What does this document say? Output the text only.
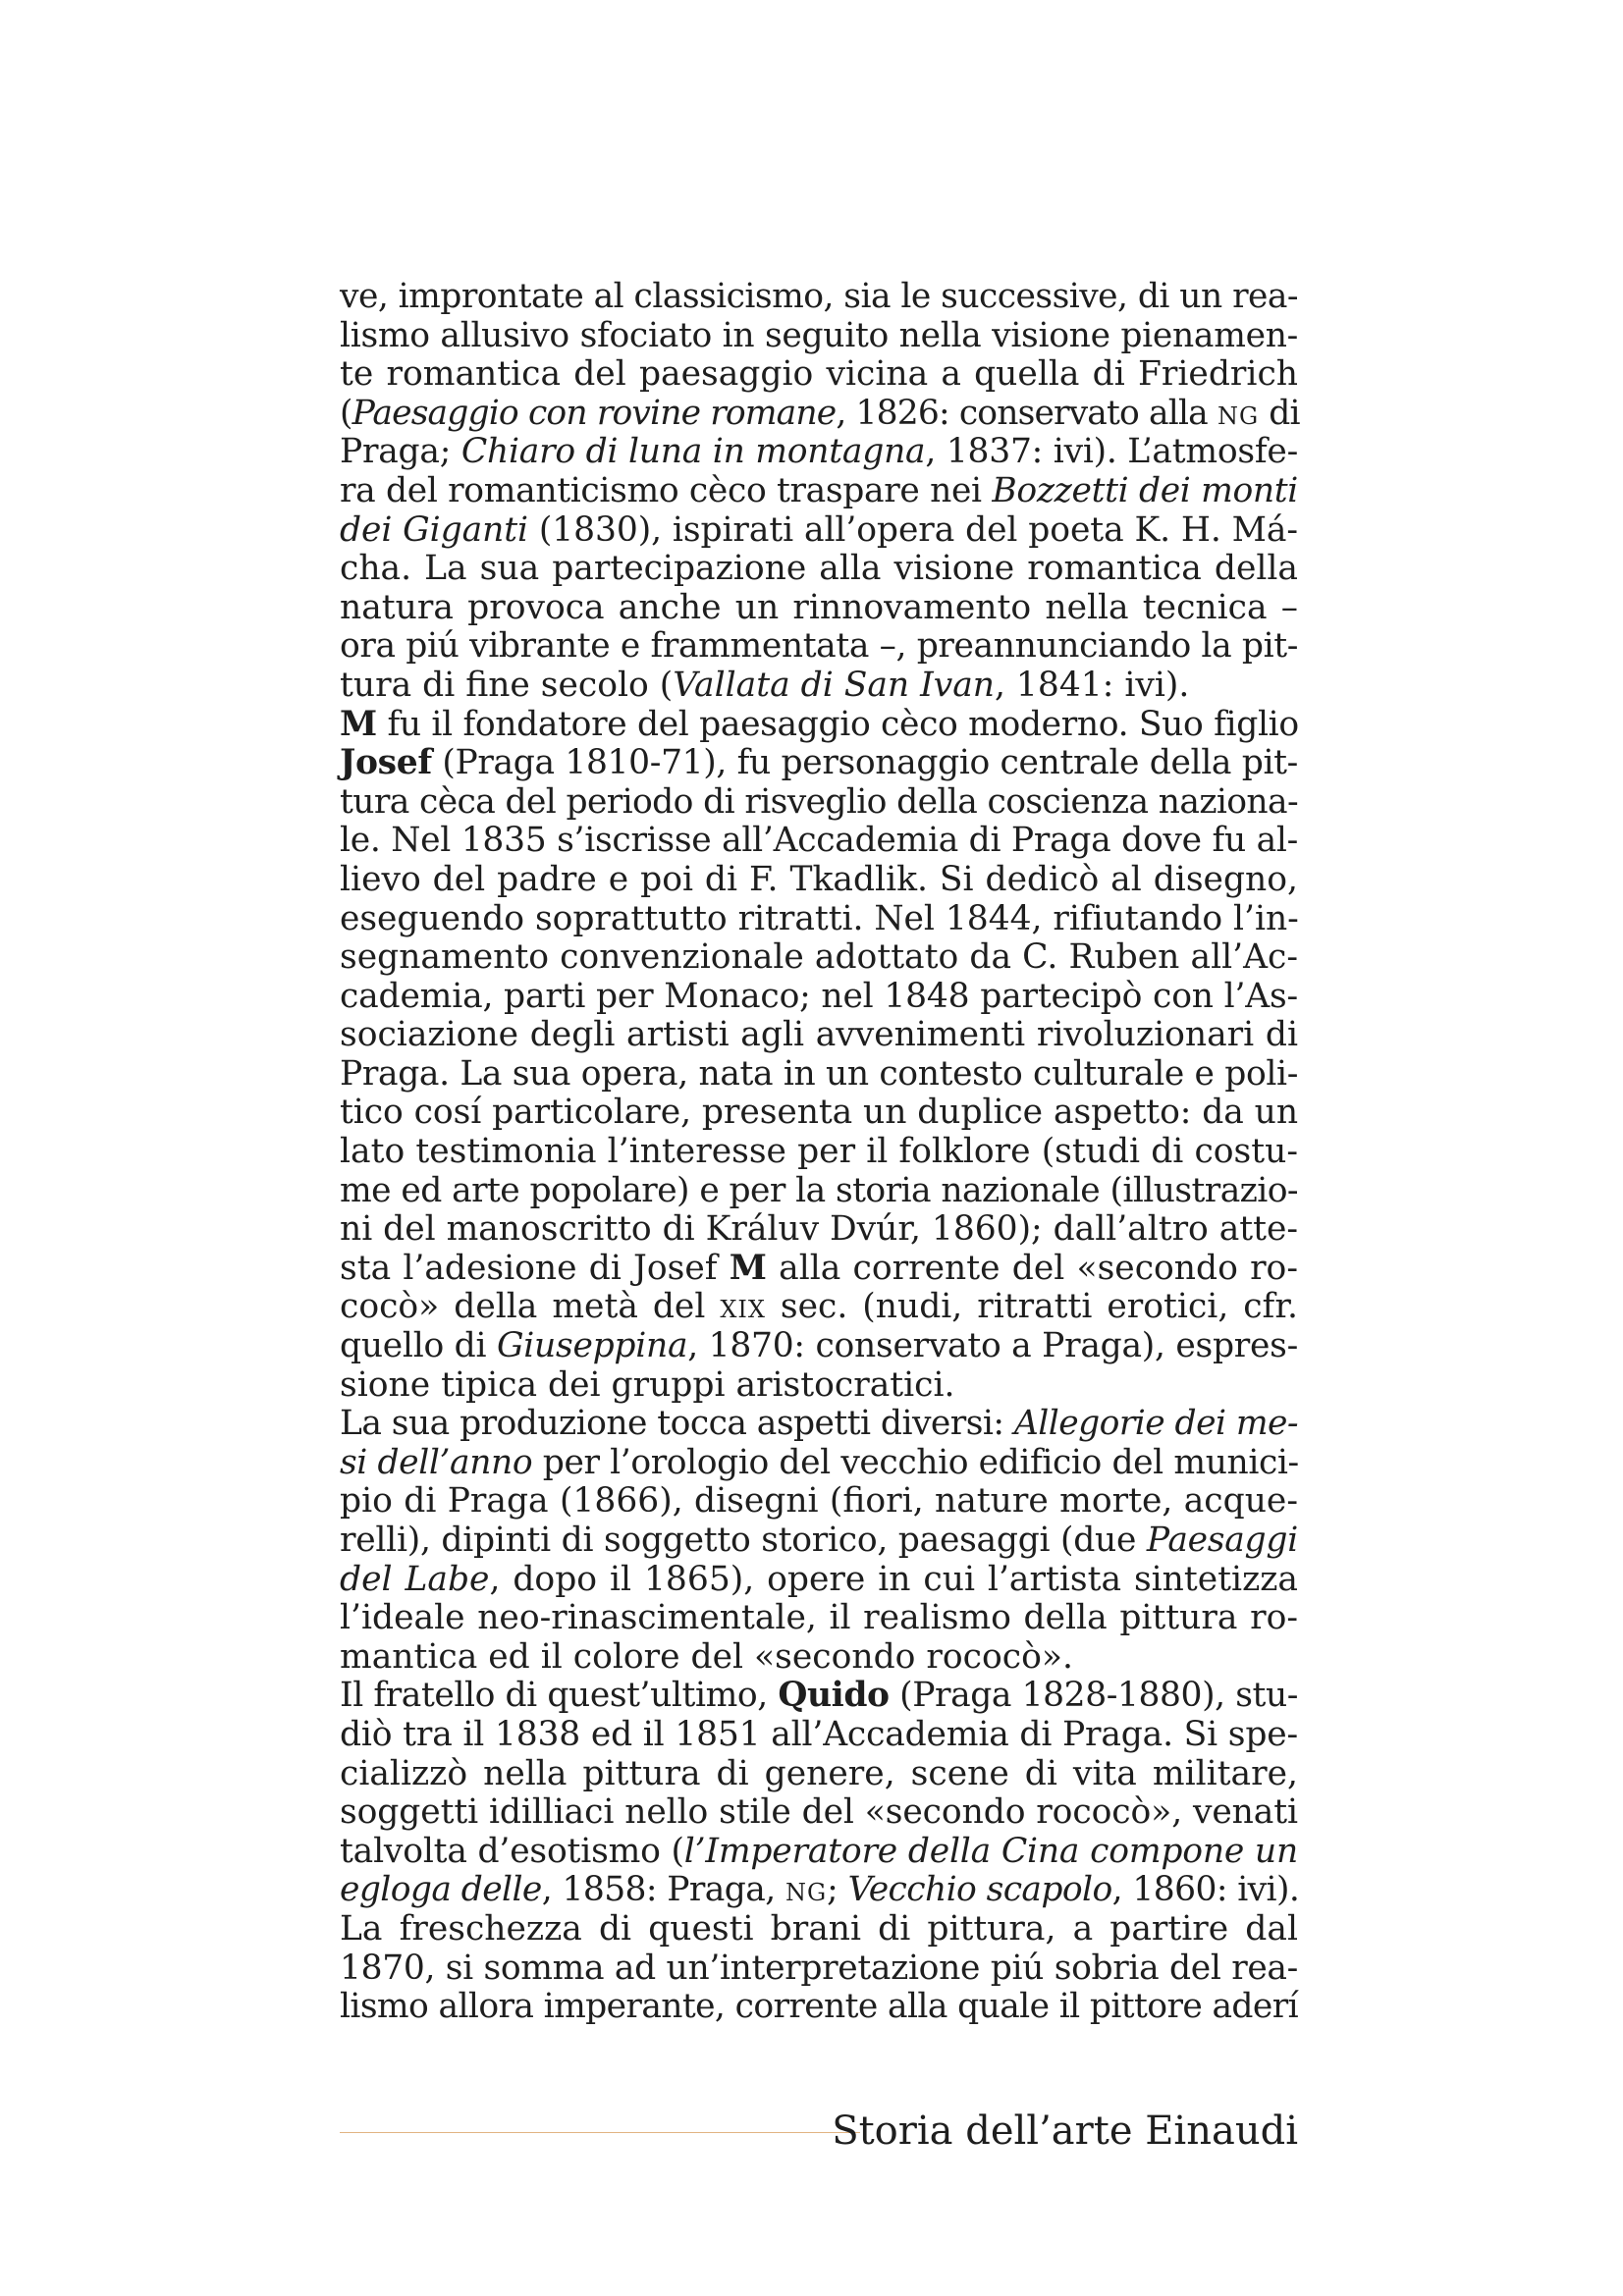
ve, improntate al classicismo, sia le successive, di un rea-
lismo allusivo sfociato in seguito nella visione pienamen-
te romantica del paesaggio vicina a quella di Friedrich
(Paesaggio con rovine romane, 1826: conservato alla ng di
Praga; Chiaro di luna in montagna, 1837: ivi). L’atmosfe-
ra del romanticismo cèco traspare nei Bozzetti dei monti
dei Giganti (1830), ispirati all’opera del poeta K. H. Má-
cha. La sua partecipazione alla visione romantica della
natura provoca anche un rinnovamento nella tecnica –
ora piú vibrante e frammentata –, preannunciando la pit-
tura di fine secolo (Vallata di San Ivan, 1841: ivi).
M fu il fondatore del paesaggio cèco moderno. Suo figlio
Josef (Praga 1810-71), fu personaggio centrale della pit-
tura cèca del periodo di risveglio della coscienza naziona-
le. Nel 1835 s’iscrisse all’Accademia di Praga dove fu al-
lievo del padre e poi di F. Tkadlik. Si dedicò al disegno,
eseguendo soprattutto ritratti. Nel 1844, rifiutando l’in-
segnamento convenzionale adottato da C. Ruben all’Ac-
cademia, parti per Monaco; nel 1848 partecipò con l’As-
sociazione degli artisti agli avvenimenti rivoluzionari di
Praga. La sua opera, nata in un contesto culturale e poli-
tico cosí particolare, presenta un duplice aspetto: da un
lato testimonia l’interesse per il folklore (studi di costu-
me ed arte popolare) e per la storia nazionale (illustrazio-
ni del manoscritto di Králuv Dvúr, 1860); dall’altro atte-
sta l’adesione di Josef M alla corrente del «secondo ro-
cocò» della metà del xix sec. (nudi, ritratti erotici, cfr.
quello di Giuseppina, 1870: conservato a Praga), espres-
sione tipica dei gruppi aristocratici.
La sua produzione tocca aspetti diversi: Allegorie dei me-
si dell’anno per l’orologio del vecchio edificio del munici-
pio di Praga (1866), disegni (fiori, nature morte, acque-
relli), dipinti di soggetto storico, paesaggi (due Paesaggi
del Labe, dopo il 1865), opere in cui l’artista sintetizza
l’ideale neo-rinascimentale, il realismo della pittura ro-
mantica ed il colore del «secondo rococò».
Il fratello di quest’ultimo, Quido (Praga 1828-1880), stu-
diò tra il 1838 ed il 1851 all’Accademia di Praga. Si spe-
cializzò nella pittura di genere, scene di vita militare,
soggetti idilliaci nello stile del «secondo rococò», venati
talvolta d’esotismo (l’Imperatore della Cina compone un
egloga delle, 1858: Praga, ng; Vecchio scapolo, 1860: ivi).
La freschezza di questi brani di pittura, a partire dal
1870, si somma ad un’interpretazione piú sobria del rea-
lismo allora imperante, corrente alla quale il pittore aderí
Storia dell’arte Einaudi
